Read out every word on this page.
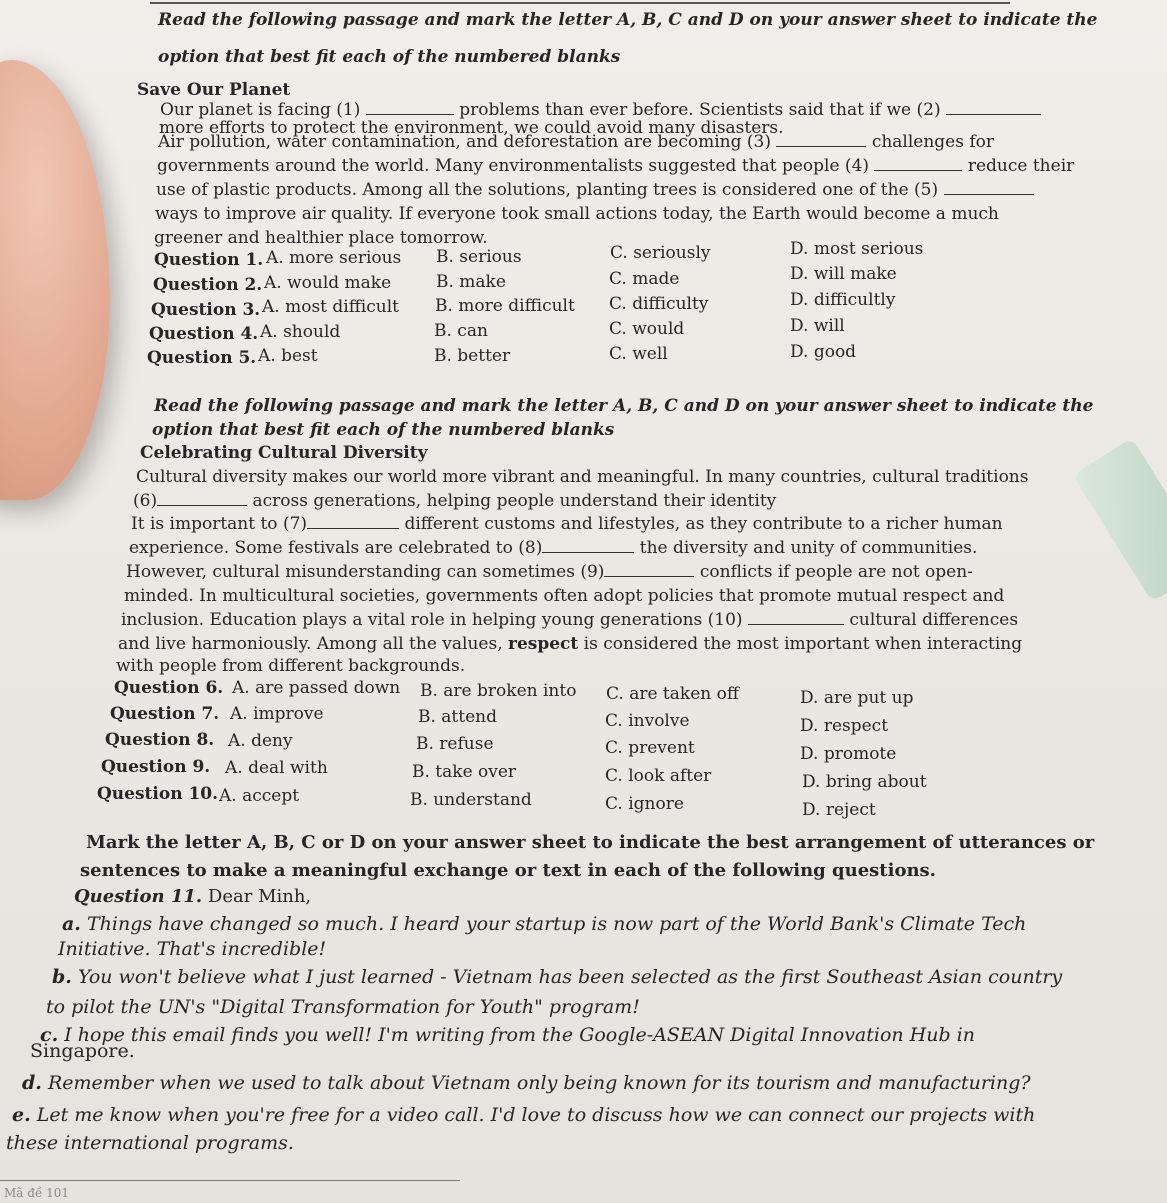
Read the following passage and mark the letter A, B, C and D on your answer sheet to indicate the
option that best fit each of the numbered blanks
Save Our Planet
Our planet is facing (1)	problems than ever before. Scientists said that if we (2)
more efforts to protect the environment, we could avoid many disasters.
Air pollution, water contamination, and deforestation are becoming (3)	challenges for
governments around the world. Many environmentalists suggested that people (4)	reduce their
use of plastic products. Among all the solutions, planting trees is considered one of the (5)
ways to improve air quality. If everyone took small actions today, the Earth would become a much
greener and healthier place tomorrow.
Question 1. A. more serious B. serious	C. seriously	D. most serious
Question 2. A. would make	B. make	C. made	D. will make
Question 3. A. most difficult B. more difficult C. difficulty	D. difficultly
Question 4. A. should	B. can	C. would	D. will
Question 5. A. best	B. better	C. well	D. good
Read the following passage and mark the letter A, B, C and D on your answer sheet to indicate the
option that best fit each of the numbered blanks
Celebrating Cultural Diversity
Cultural diversity makes our world more vibrant and meaningful. In many countries, cultural traditions
(6)	across generations, helping people understand their identity
It is important to (7)	different customs and lifestyles, as they contribute to a richer human
experience. Some festivals are celebrated to (8)	the diversity and unity of communities.
However, cultural misunderstanding can sometimes (9)	conflicts if people are not open-
minded. In multicultural societies, governments often adopt policies that promote mutual respect and
inclusion. Education plays a vital role in helping young generations (10)	cultural differences
and live harmoniously. Among all the values, respect is considered the most important when interacting
with people from different backgrounds.
Question 6. A. are passed down B. are broken into C. are taken off	D. are put up
Question 7. A. improve	B. attend	C. involve	D. respect
Question 8. A. deny	B. refuse	C. prevent	D. promote
Question 9. A. deal with	B. take over	C. look after	D. bring about
Question 10. A. accept	B. understand	C. ignore	D. reject
Mark the letter A, B, C or D on your answer sheet to indicate the best arrangement of utterances or
sentences to make a meaningful exchange or text in each of the following questions.
Question 11. Dear Minh,
a. Things have changed so much. I heard your startup is now part of the World Bank's Climate Tech
Initiative. That's incredible!
b. You won't believe what I just learned - Vietnam has been selected as the first Southeast Asian country
to pilot the UN's "Digital Transformation for Youth" program!
c. I hope this email finds you well! I'm writing from the Google-ASEAN Digital Innovation Hub in
Singapore.
d. Remember when we used to talk about Vietnam only being known for its tourism and manufacturing?
e. Let me know when you're free for a video call. I'd love to discuss how we can connect our projects with
these international programs.
Mã đề 101
